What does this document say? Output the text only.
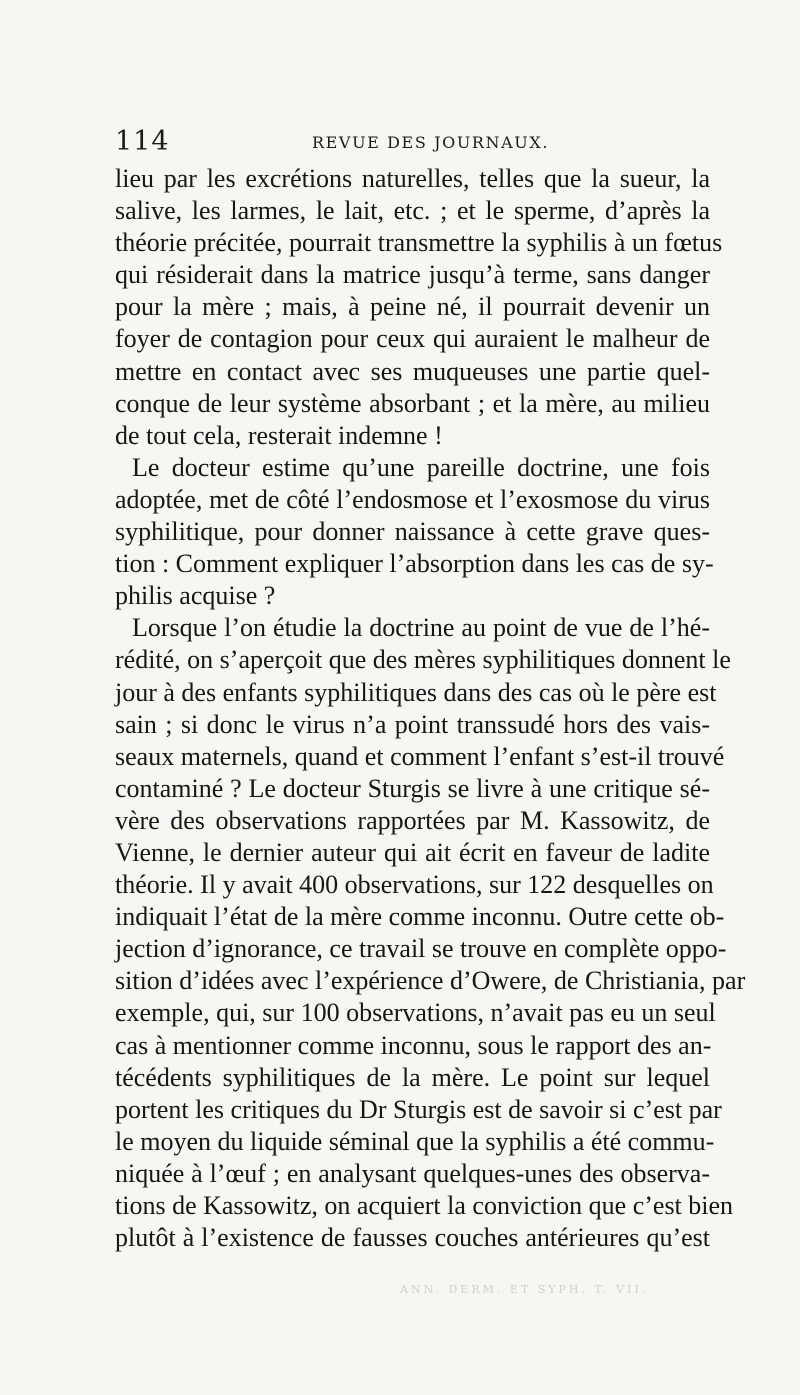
114	REVUE DES JOURNAUX.
lieu par les excrétions naturelles, telles que la sueur, la
salive, les larmes, le lait, etc. ; et le sperme, d’après la
théorie précitée, pourrait transmettre la syphilis à un fœtus
qui résiderait dans la matrice jusqu’à terme, sans danger
pour la mère ; mais, à peine né, il pourrait devenir un
foyer de contagion pour ceux qui auraient le malheur de
mettre en contact avec ses muqueuses une partie quel-
conque de leur système absorbant ; et la mère, au milieu
de tout cela, resterait indemne !
Le docteur estime qu’une pareille doctrine, une fois
adoptée, met de côté l’endosmose et l’exosmose du virus
syphilitique, pour donner naissance à cette grave ques-
tion : Comment expliquer l’absorption dans les cas de sy-
philis acquise ?
Lorsque l’on étudie la doctrine au point de vue de l’hé-
rédité, on s’aperçoit que des mères syphilitiques donnent le
jour à des enfants syphilitiques dans des cas où le père est
sain ; si donc le virus n’a point transsudé hors des vais-
seaux maternels, quand et comment l’enfant s’est-il trouvé
contaminé ? Le docteur Sturgis se livre à une critique sé-
vère des observations rapportées par M. Kassowitz, de
Vienne, le dernier auteur qui ait écrit en faveur de ladite
théorie. Il y avait 400 observations, sur 122 desquelles on
indiquait l’état de la mère comme inconnu. Outre cette ob-
jection d’ignorance, ce travail se trouve en complète oppo-
sition d’idées avec l’expérience d’Owere, de Christiania, par
exemple, qui, sur 100 observations, n’avait pas eu un seul
cas à mentionner comme inconnu, sous le rapport des an-
técédents syphilitiques de la mère. Le point sur lequel
portent les critiques du Dr Sturgis est de savoir si c’est par
le moyen du liquide séminal que la syphilis a été commu-
niquée à l’œuf ; en analysant quelques-unes des observa-
tions de Kassowitz, on acquiert la conviction que c’est bien
plutôt à l’existence de fausses couches antérieures qu’est
ANN. DERM. ET SYPH. T. VII.
